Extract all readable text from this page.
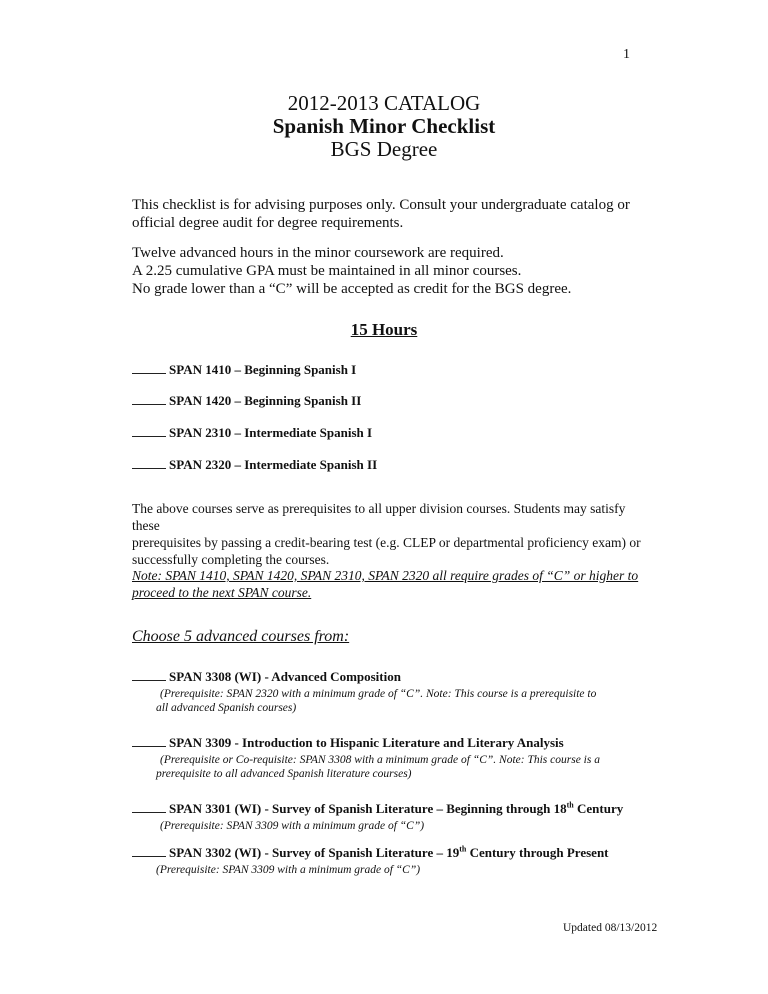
1
2012-2013 CATALOG
Spanish Minor Checklist
BGS Degree

This checklist is for advising purposes only. Consult your undergraduate catalog or
official degree audit for degree requirements.

Twelve advanced hours in the minor coursework are required.
A 2.25 cumulative GPA must be maintained in all minor courses.
No grade lower than a “C” will be accepted as credit for the BGS degree.

15 Hours
SPAN 1410 – Beginning Spanish I
SPAN 1420 – Beginning Spanish II
SPAN 2310 – Intermediate Spanish I
SPAN 2320 – Intermediate Spanish II
The above courses serve as prerequisites to all upper division courses. Students may satisfy these
prerequisites by passing a credit-bearing test (e.g. CLEP or departmental proficiency exam) or
successfully completing the courses.
Note: SPAN 1410, SPAN 1420, SPAN 2310, SPAN 2320 all require grades of “C” or higher to
proceed to the next SPAN course.
Choose 5 advanced courses from:
SPAN 3308 (WI) - Advanced Composition
(Prerequisite: SPAN 2320 with a minimum grade of “C”. Note: This course is a prerequisite to
all advanced Spanish courses)
SPAN 3309 - Introduction to Hispanic Literature and Literary Analysis
(Prerequisite or Co-requisite: SPAN 3308 with a minimum grade of “C”. Note: This course is a
prerequisite to all advanced Spanish literature courses)
SPAN 3301 (WI) - Survey of Spanish Literature – Beginning through 18th Century
(Prerequisite: SPAN 3309 with a minimum grade of “C”)
SPAN 3302 (WI) - Survey of Spanish Literature – 19th Century through Present
(Prerequisite: SPAN 3309 with a minimum grade of “C”)
Updated 08/13/2012
